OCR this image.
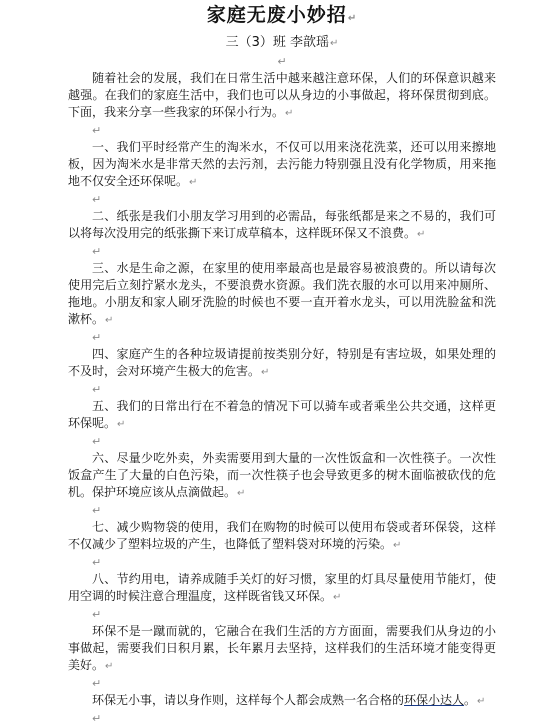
家庭无废小妙招↵
三（3）班 李歆瑶↵
↵

随着社会的发展，我们在日常生活中越来越注意环保，人们的环保意识越来越强。在我们的家庭生活中，我们也可以从身边的小事做起，将环保贯彻到底。下面，我来分享一些我家的环保小行为。↵

↵

一、我们平时经常产生的淘米水，不仅可以用来浇花洗菜，还可以用来擦地板，因为淘米水是非常天然的去污剂，去污能力特别强且没有化学物质，用来拖地不仅安全还环保呢。↵

↵

二、纸张是我们小朋友学习用到的必需品，每张纸都是来之不易的，我们可以将每次没用完的纸张撕下来订成草稿本，这样既环保又不浪费。↵

↵

三、水是生命之源，在家里的使用率最高也是最容易被浪费的。所以请每次使用完后立刻拧紧水龙头，不要浪费水资源。我们洗衣服的水可以用来冲厕所、拖地。小朋友和家人刷牙洗脸的时候也不要一直开着水龙头，可以用洗脸盆和洗漱杯。↵

↵

四、家庭产生的各种垃圾请提前按类别分好，特别是有害垃圾，如果处理的不及时，会对环境产生极大的危害。↵

↵

五、我们的日常出行在不着急的情况下可以骑车或者乘坐公共交通，这样更环保呢。↵

↵

六、尽量少吃外卖，外卖需要用到大量的一次性饭盒和一次性筷子。一次性饭盒产生了大量的白色污染，而一次性筷子也会导致更多的树木面临被砍伐的危机。保护环境应该从点滴做起。↵

↵

七、减少购物袋的使用，我们在购物的时候可以使用布袋或者环保袋，这样不仅减少了塑料垃圾的产生，也降低了塑料袋对环境的污染。↵

↵

八、节约用电，请养成随手关灯的好习惯，家里的灯具尽量使用节能灯，使用空调的时候注意合理温度，这样既省钱又环保。↵

↵

环保不是一蹴而就的，它融合在我们生活的方方面面，需要我们从身边的小事做起，需要我们日积月累，长年累月去坚持，这样我们的生活环境才能变得更美好。↵

↵

环保无小事，请以身作则，这样每个人都会成熟一名合格的环保小达人。↵

↵
